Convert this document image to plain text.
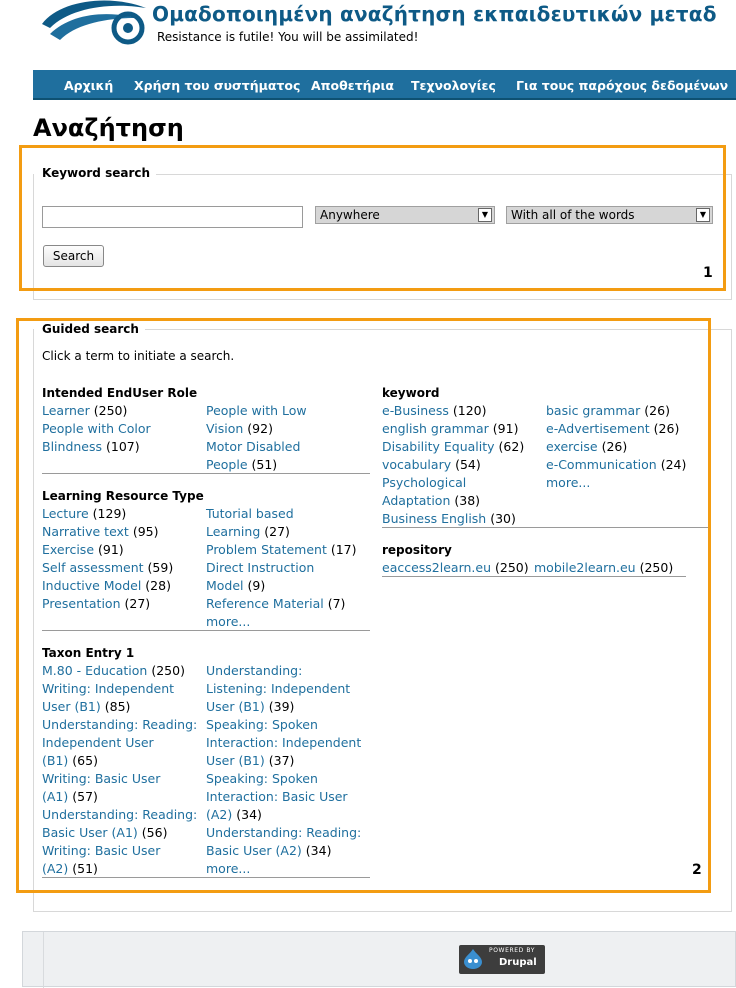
Ομαδοποιημένη αναζήτηση εκπαιδευτικών μεταδ
Resistance is futile! You will be assimilated!
Αρχική Χρήση του συστήματος Αποθετήρια Τεχνολογίες Για τους παρόχους δεδομένων
Αναζήτηση
Keyword search
Anywhere	▼	With all of the words	▼
Search
1
Guided search
Click a term to initiate a search.
Intended EndUser Role
Learner (250)
People with Color
Blindness (107)
People with Low
Vision (92)
Motor Disabled
People (51)
Learning Resource Type
Lecture (129)
Narrative text (95)
Exercise (91)
Self assessment (59)
Inductive Model (28)
Presentation (27)
Tutorial based
Learning (27)
Problem Statement (17)
Direct Instruction
Model (9)
Reference Material (7)
more...
Taxon Entry 1
M.80 - Education (250)
Writing: Independent
User (B1) (85)
Understanding: Reading:
Independent User
(B1) (65)
Writing: Basic User
(A1) (57)
Understanding: Reading:
Basic User (A1) (56)
Writing: Basic User
(A2) (51)
Understanding:
Listening: Independent
User (B1) (39)
Speaking: Spoken
Interaction: Independent
User (B1) (37)
Speaking: Spoken
Interaction: Basic User
(A2) (34)
Understanding: Reading:
Basic User (A2) (34)
more...
keyword
e-Business (120)
english grammar (91)
Disability Equality (62)
vocabulary (54)
Psychological
Adaptation (38)
Business English (30)
basic grammar (26)
e-Advertisement (26)
exercise (26)
e-Communication (24)
more...
repository
eaccess2learn.eu (250) mobile2learn.eu (250)
2
POWERED BY
Drupal
